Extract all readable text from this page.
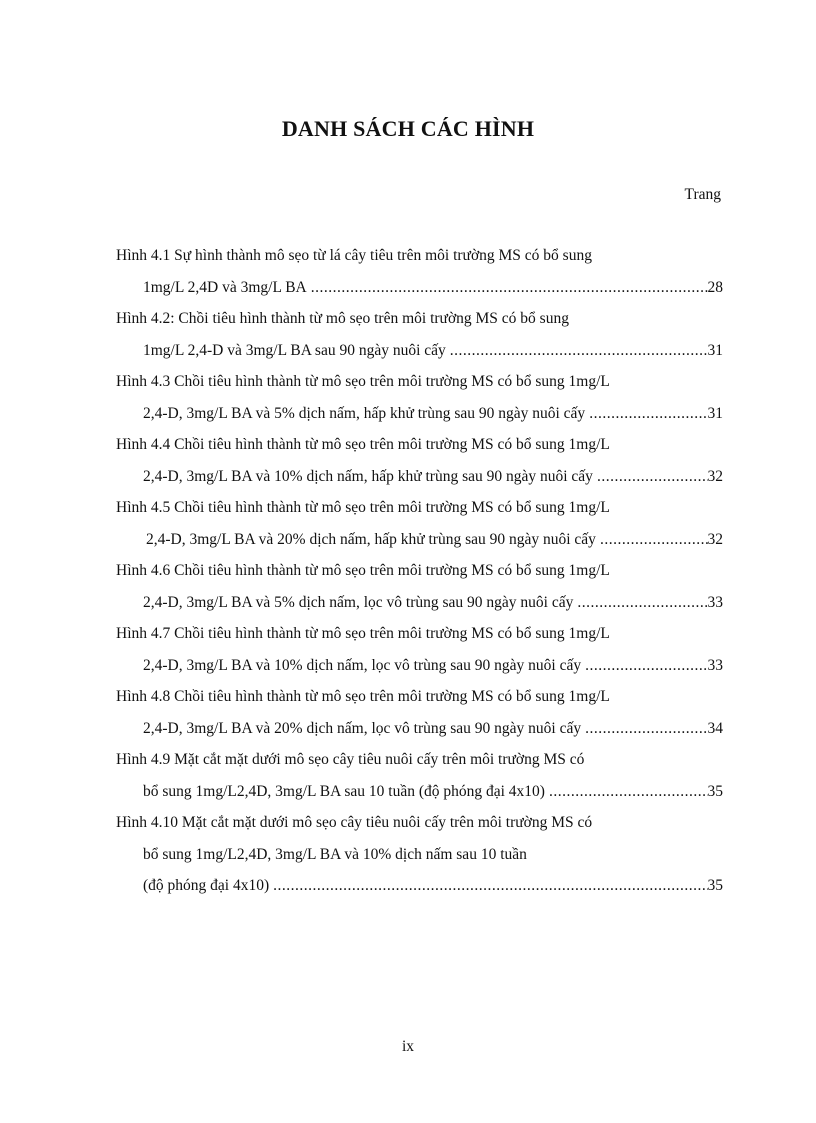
DANH SÁCH CÁC HÌNH
Trang
Hình 4.1 Sự hình thành mô sẹo từ lá cây tiêu trên môi trường MS có bổ sung
1mg/L 2,4D và 3mg/L BA .....	28
Hình 4.2: Chồi tiêu hình thành từ mô sẹo trên môi trường MS có bổ sung
1mg/L 2,4-D và 3mg/L BA sau 90 ngày nuôi cấy .....	31
Hình 4.3 Chồi tiêu hình thành từ mô sẹo trên môi trường MS có bổ sung 1mg/L
2,4-D, 3mg/L BA và 5% dịch nấm, hấp khử trùng sau 90 ngày nuôi cấy .....	31
Hình 4.4 Chồi tiêu hình thành từ mô sẹo trên môi trường MS có bổ sung 1mg/L
2,4-D, 3mg/L BA và 10% dịch nấm, hấp khử trùng sau 90 ngày nuôi cấy .....	32
Hình 4.5 Chồi tiêu hình thành từ mô sẹo trên môi trường MS có bổ sung 1mg/L
2,4-D, 3mg/L BA và 20% dịch nấm, hấp khử trùng sau 90 ngày nuôi cấy .....	32
Hình 4.6 Chồi tiêu hình thành từ mô sẹo trên môi trường MS có bổ sung 1mg/L
2,4-D, 3mg/L BA và 5% dịch nấm, lọc vô trùng sau 90 ngày nuôi cấy .....	33
Hình 4.7 Chồi tiêu hình thành từ mô sẹo trên môi trường MS có bổ sung 1mg/L
2,4-D, 3mg/L BA và 10% dịch nấm, lọc vô trùng sau 90 ngày nuôi cấy .....	33
Hình 4.8 Chồi tiêu hình thành từ mô sẹo trên môi trường MS có bổ sung 1mg/L
2,4-D, 3mg/L BA và 20% dịch nấm, lọc vô trùng sau 90 ngày nuôi cấy .....	34
Hình 4.9 Mặt cắt mặt dưới mô sẹo cây tiêu nuôi cấy trên môi trường MS có
bổ sung 1mg/L2,4D, 3mg/L BA sau 10 tuần (độ phóng đại 4x10) .....	35
Hình 4.10 Mặt cắt mặt dưới mô sẹo cây tiêu nuôi cấy trên môi trường MS có
bổ sung 1mg/L2,4D, 3mg/L BA và 10% dịch nấm sau 10 tuần
(độ phóng đại 4x10) .....	35
ix
